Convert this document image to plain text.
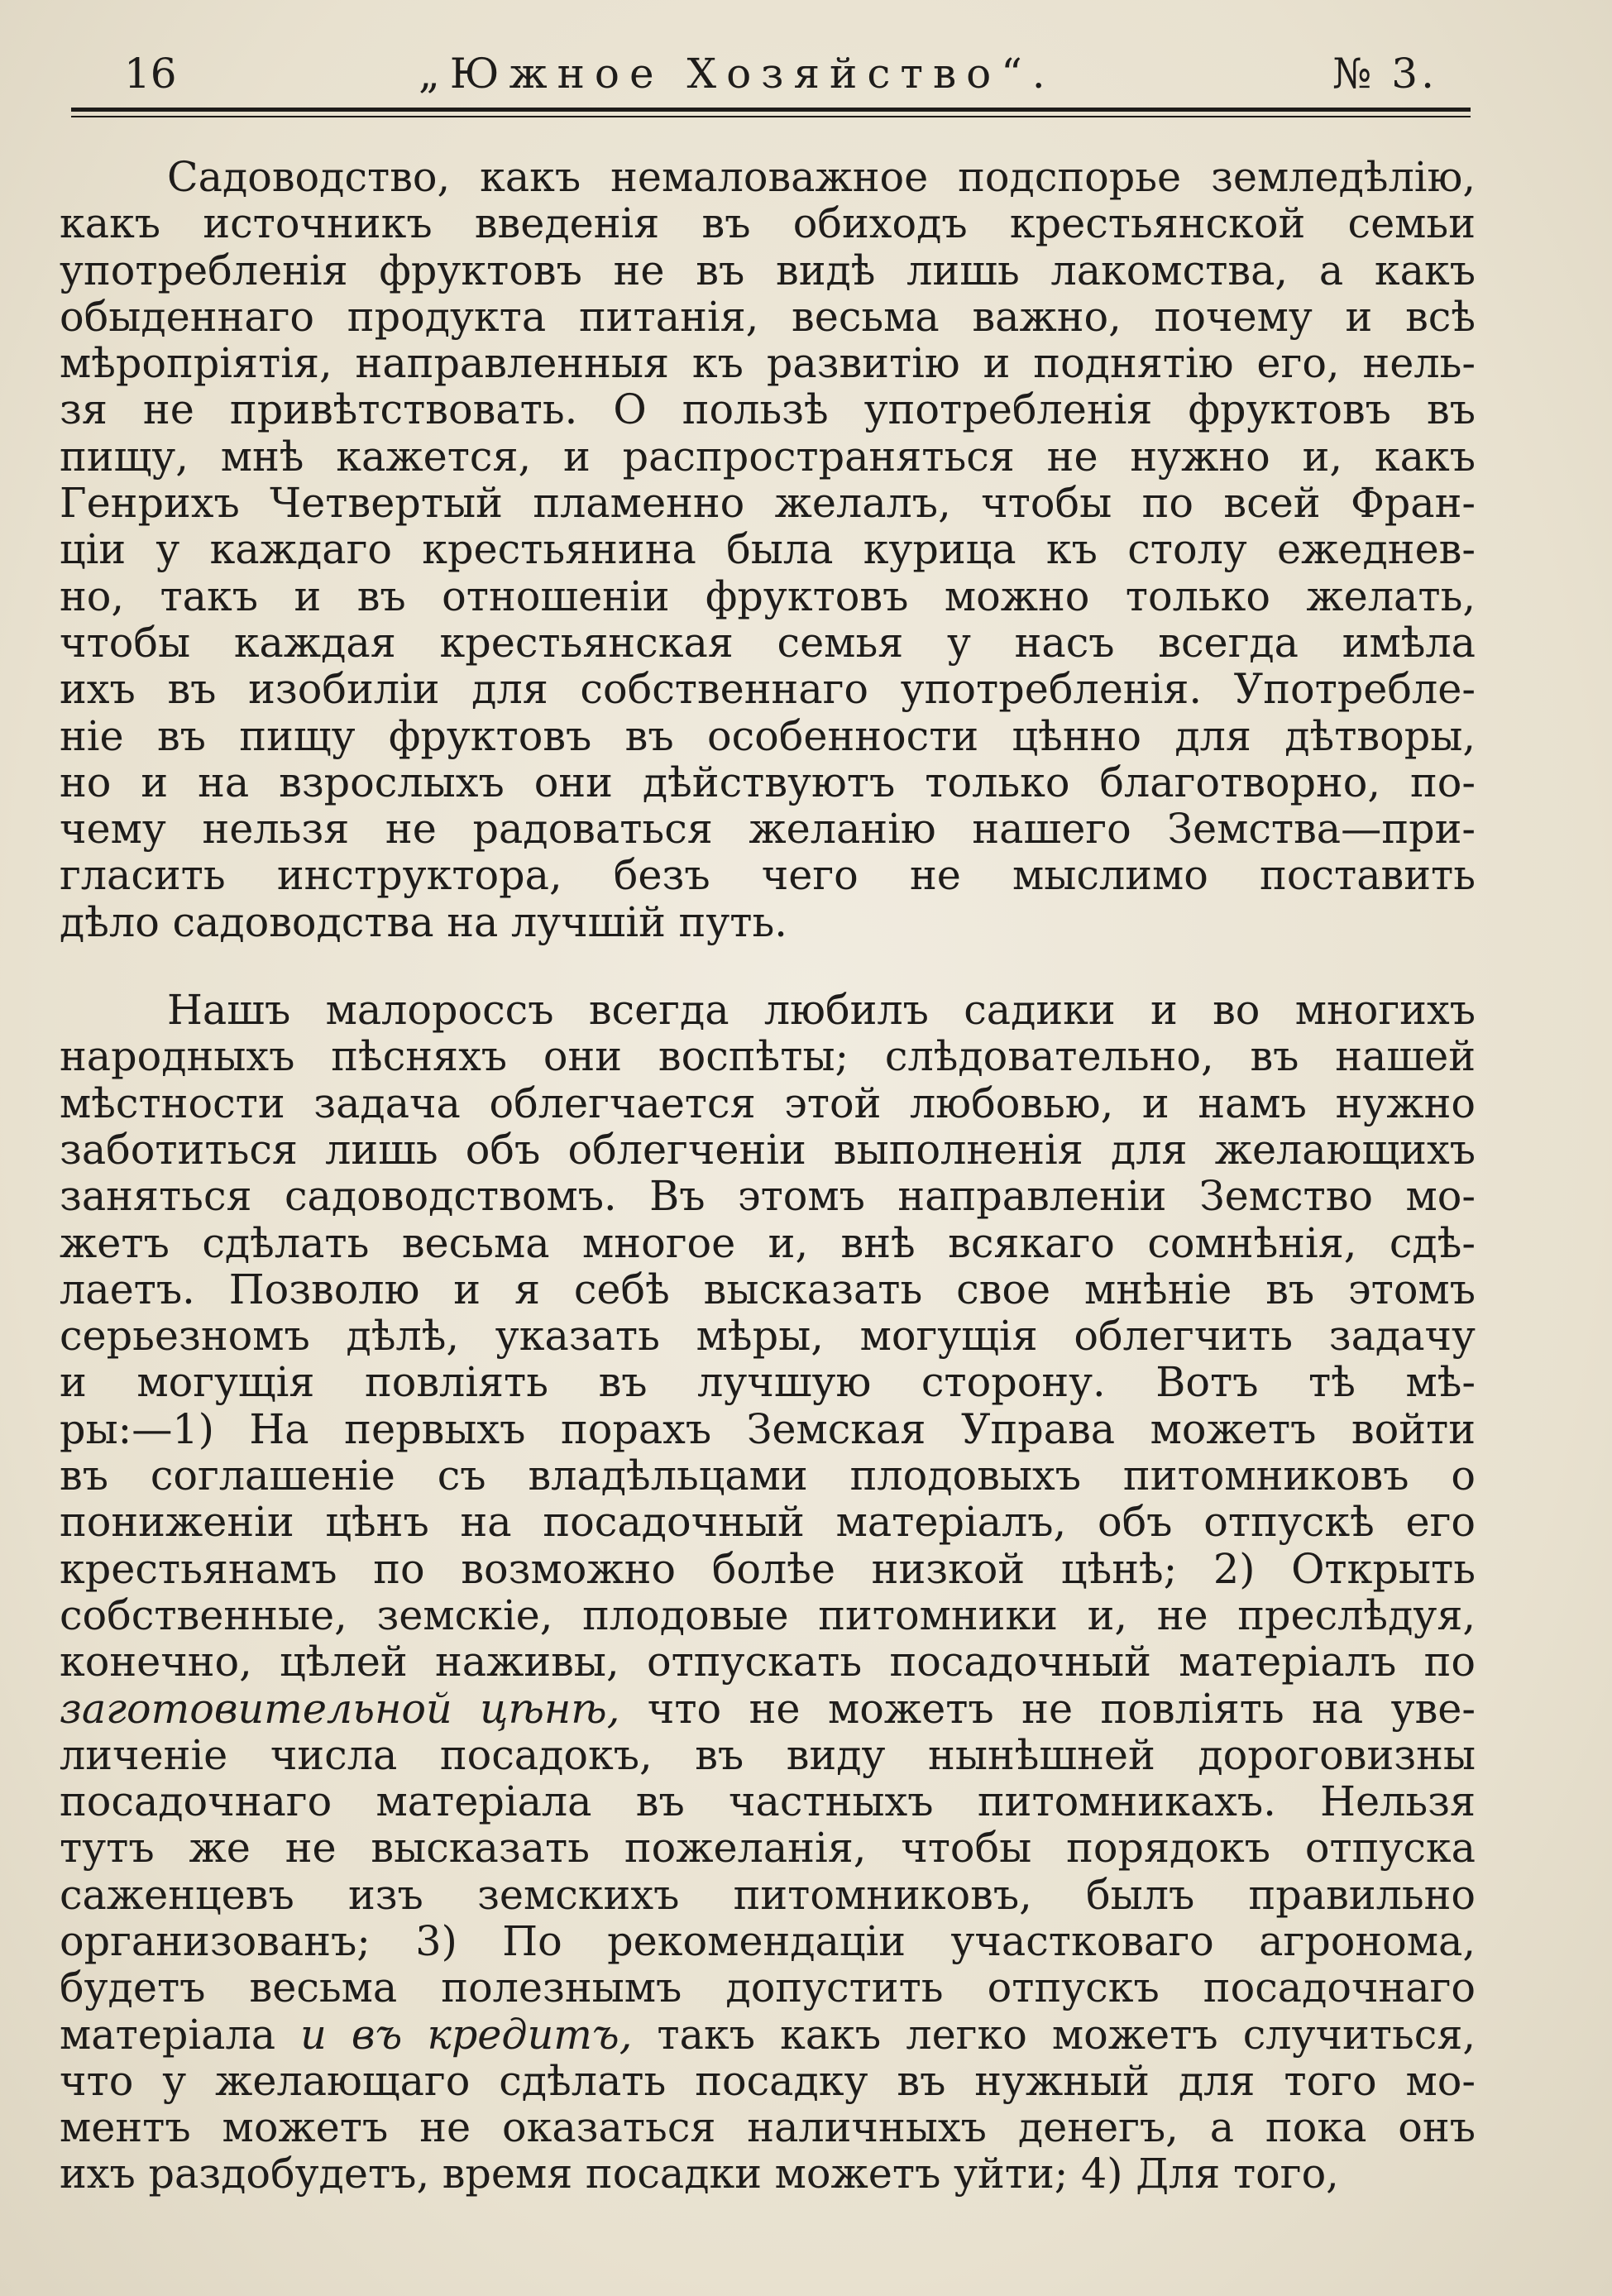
16	„Южное Хозяйство“.	№ 3.
Садоводство, какъ немаловажное подспорье земледѣлію,
какъ источникъ введенія въ обиходъ крестьянской семьи
употребленія фруктовъ не въ видѣ лишь лакомства, а какъ
обыденнаго продукта питанія, весьма важно, почему и всѣ
мѣропріятія, направленныя къ развитію и поднятію его, нель-
зя не привѣтствовать. О пользѣ употребленія фруктовъ въ
пищу, мнѣ кажется, и распространяться не нужно и, какъ
Генрихъ Четвертый пламенно желалъ, чтобы по всей Фран-
ціи у каждаго крестьянина была курица къ столу ежеднев-
но, такъ и въ отношеніи фруктовъ можно только желать,
чтобы каждая крестьянская семья у насъ всегда имѣла
ихъ въ изобиліи для собственнаго употребленія. Употребле-
ніе въ пищу фруктовъ въ особенности цѣнно для дѣтворы,
но и на взрослыхъ они дѣйствуютъ только благотворно, по-
чему нельзя не радоваться желанію нашего Земства—при-
гласить инструктора, безъ чего не мыслимо поставить
дѣло садоводства на лучшій путь.
Нашъ малороссъ всегда любилъ садики и во многихъ
народныхъ пѣсняхъ они воспѣты; слѣдовательно, въ нашей
мѣстности задача облегчается этой любовью, и намъ нужно
заботиться лишь объ облегченіи выполненія для желающихъ
заняться садоводствомъ. Въ этомъ направленіи Земство мо-
жетъ сдѣлать весьма многое и, внѣ всякаго сомнѣнія, сдѣ-
лаетъ. Позволю и я себѣ высказать свое мнѣніе въ этомъ
серьезномъ дѣлѣ, указать мѣры, могущія облегчить задачу
и могущія повліять въ лучшую сторону. Вотъ тѣ мѣ-
ры:—1) На первыхъ порахъ Земская Управа можетъ войти
въ соглашеніе съ владѣльцами плодовыхъ питомниковъ о
пониженіи цѣнъ на посадочный матеріалъ, объ отпускѣ его
крестьянамъ по возможно болѣе низкой цѣнѣ; 2) Открыть
собственные, земскіе, плодовые питомники и, не преслѣдуя,
конечно, цѣлей наживы, отпускать посадочный матеріалъ по
заготовительной цѣнѣ, что не можетъ не повліять на уве-
личеніе числа посадокъ, въ виду нынѣшней дороговизны
посадочнаго матеріала въ частныхъ питомникахъ. Нельзя
тутъ же не высказать пожеланія, чтобы порядокъ отпуска
саженцевъ изъ земскихъ питомниковъ, былъ правильно
организованъ; 3) По рекомендаціи участковаго агронома,
будетъ весьма полезнымъ допустить отпускъ посадочнаго
матеріала и въ кредитъ, такъ какъ легко можетъ случиться,
что у желающаго сдѣлать посадку въ нужный для того мо-
ментъ можетъ не оказаться наличныхъ денегъ, а пока онъ
ихъ раздобудетъ, время посадки можетъ уйти; 4) Для того,
